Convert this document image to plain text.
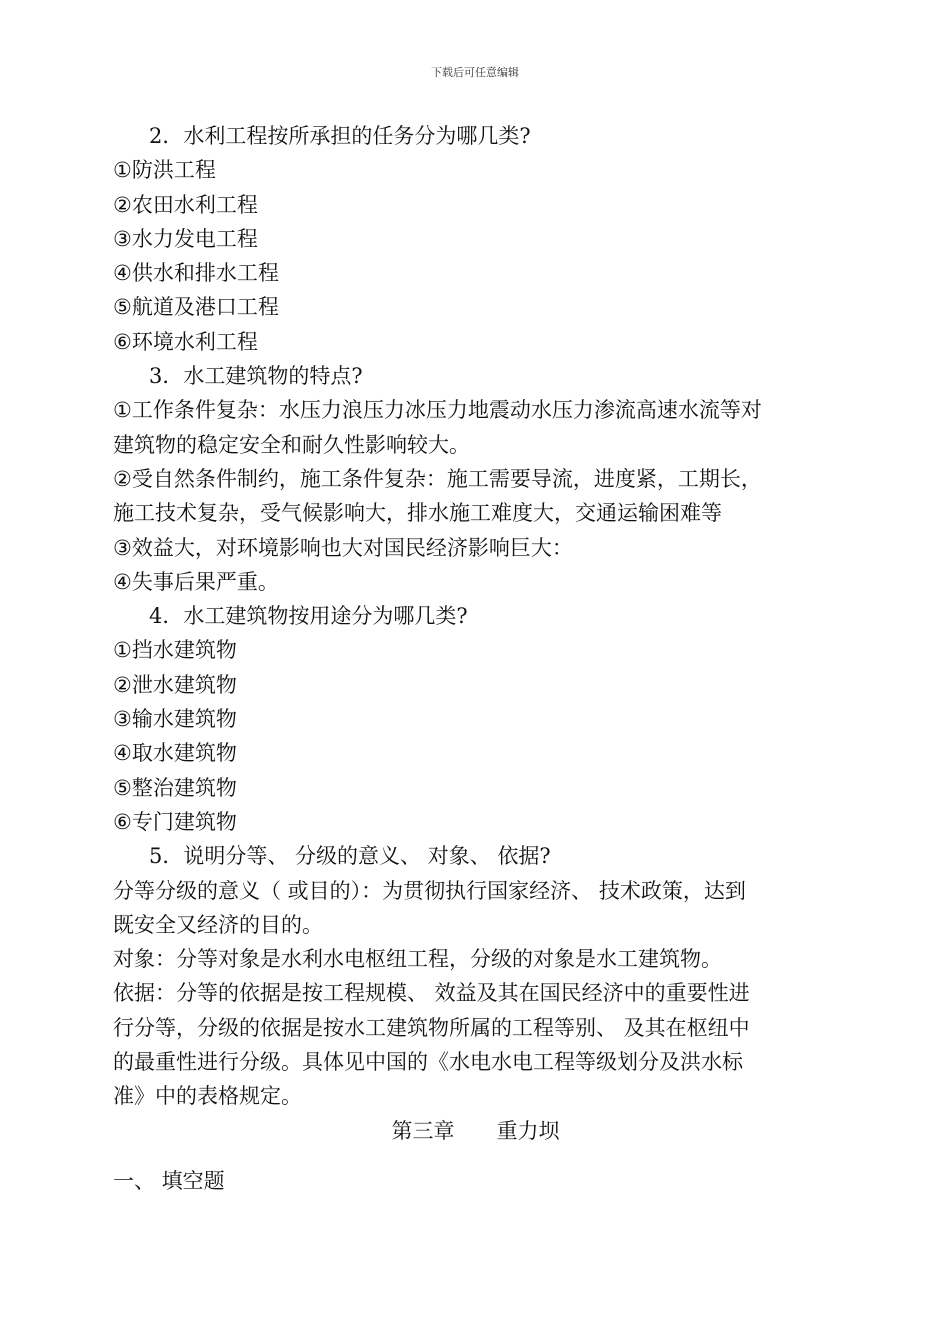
下载后可任意编辑
2．水利工程按所承担的任务分为哪几类?
①防洪工程
②农田水利工程
③水力发电工程
④供水和排水工程
⑤航道及港口工程
⑥环境水利工程
3．水工建筑物的特点?
①工作条件复杂：水压力浪压力冰压力地震动水压力渗流高速水流等对
建筑物的稳定安全和耐久性影响较大。
②受自然条件制约，施工条件复杂：施工需要导流，进度紧，工期长，
施工技术复杂，受气候影响大，排水施工难度大，交通运输困难等
③效益大，对环境影响也大对国民经济影响巨大：
④失事后果严重。
4．水工建筑物按用途分为哪几类?
①挡水建筑物
②泄水建筑物
③输水建筑物
④取水建筑物
⑤整治建筑物
⑥专门建筑物
5．说明分等、 分级的意义、 对象、 依据?
分等分级的意义（ 或目的）：为贯彻执行国家经济、 技术政策，达到
既安全又经济的目的。
对象：分等对象是水利水电枢纽工程，分级的对象是水工建筑物。
依据：分等的依据是按工程规模、 效益及其在国民经济中的重要性进
行分等，分级的依据是按水工建筑物所属的工程等别、 及其在枢纽中
的最重性进行分级。具体见中国的《水电水电工程等级划分及洪水标
准》中的表格规定。
第三章　　重力坝
一、 填空题
